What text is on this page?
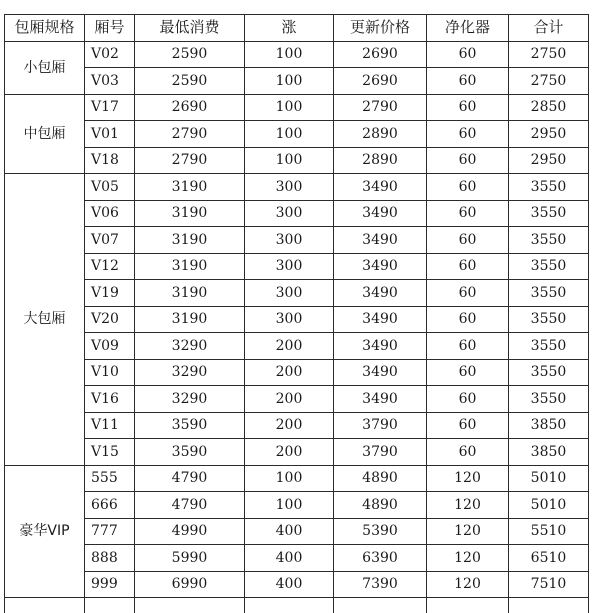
包厢规格	厢号	最低消费	涨	更新价格	净化器	合计
小包厢	V02	2590	100	2690	60	2750
	V03	2590	100	2690	60	2750
中包厢	V17	2690	100	2790	60	2850
	V01	2790	100	2890	60	2950
	V18	2790	100	2890	60	2950
大包厢	V05	3190	300	3490	60	3550
	V06	3190	300	3490	60	3550
	V07	3190	300	3490	60	3550
	V12	3190	300	3490	60	3550
	V19	3190	300	3490	60	3550
	V20	3190	300	3490	60	3550
	V09	3290	200	3490	60	3550
	V10	3290	200	3490	60	3550
	V16	3290	200	3490	60	3550
	V11	3590	200	3790	60	3850
	V15	3590	200	3790	60	3850
豪华VIP	555	4790	100	4890	120	5010
	666	4790	100	4890	120	5010
	777	4990	400	5390	120	5510
	888	5990	400	6390	120	6510
	999	6990	400	7390	120	7510
